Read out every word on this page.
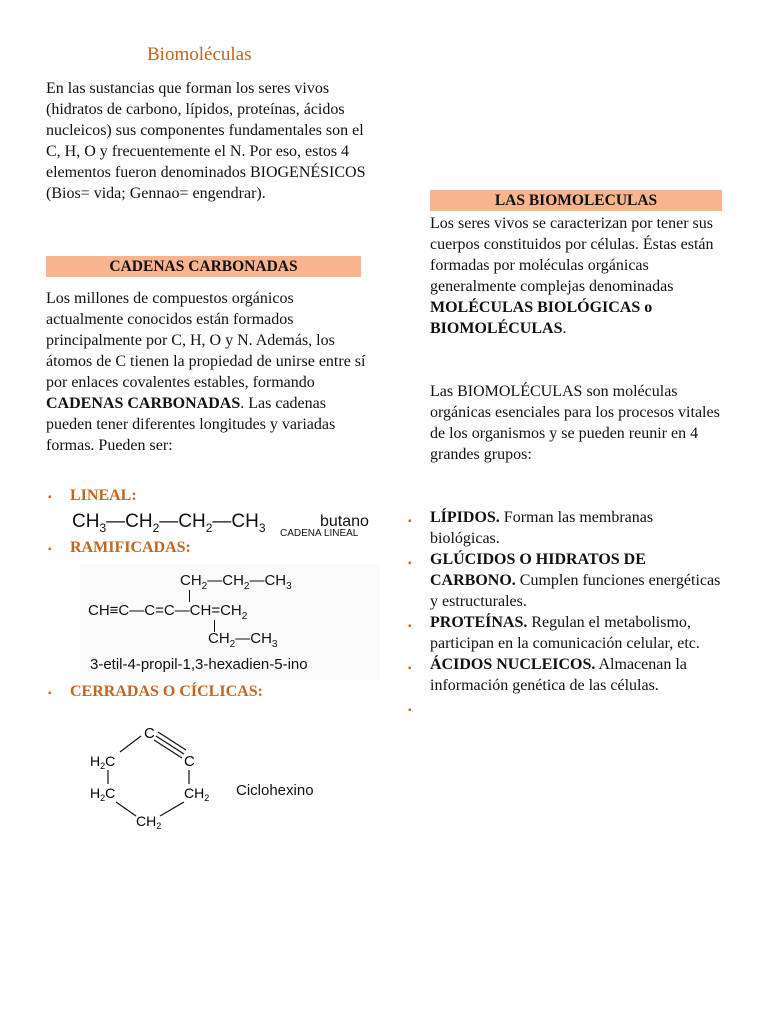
Biomoléculas

En las sustancias que forman los seres vivos (hidratos de carbono, lípidos, proteínas, ácidos nucleicos) sus componentes fundamentales son el C, H, O y frecuentemente el N. Por eso, estos 4 elementos fueron denominados BIOGENÉSICOS (Bios= vida; Gennao= engendrar).

CADENAS CARBONADAS

Los millones de compuestos orgánicos actualmente conocidos están formados principalmente por C, H, O y N. Además, los átomos de C tienen la propiedad de unirse entre sí por enlaces covalentes estables, formando CADENAS CARBONADAS. Las cadenas pueden tener diferentes longitudes y variadas formas. Pueden ser:

▪ LINEAL:
$CH_3—CH_2—CH_2—CH_3$	butano
CADENA LINEAL
▪ RAMIFICADAS:
$CH_2—CH_2—CH_3$
$CH\equiv C—C=C—CH=CH_2$
$CH_2—CH_3$
3-etil-4-propil-1,3-hexadien-5-ino
▪ CERRADAS O CÍCLICAS:
C
$H_2C$	C
$H_2C$	$CH_2$
$CH_2$
Ciclohexino
LAS BIOMOLECULAS

Los seres vivos se caracterizan por tener sus cuerpos constituidos por células. Éstas están formadas por moléculas orgánicas generalmente complejas denominadas MOLÉCULAS BIOLÓGICAS o BIOMOLÉCULAS.

Las BIOMOLÉCULAS son moléculas orgánicas esenciales para los procesos vitales de los organismos y se pueden reunir en 4 grandes grupos:

▪ LÍPIDOS. Forman las membranas biológicas.
▪ GLÚCIDOS O HIDRATOS DE CARBONO. Cumplen funciones energéticas y estructurales.
▪ PROTEÍNAS. Regulan el metabolismo, participan en la comunicación celular, etc.
▪ ÁCIDOS NUCLEICOS. Almacenan la información genética de las células.
▪
